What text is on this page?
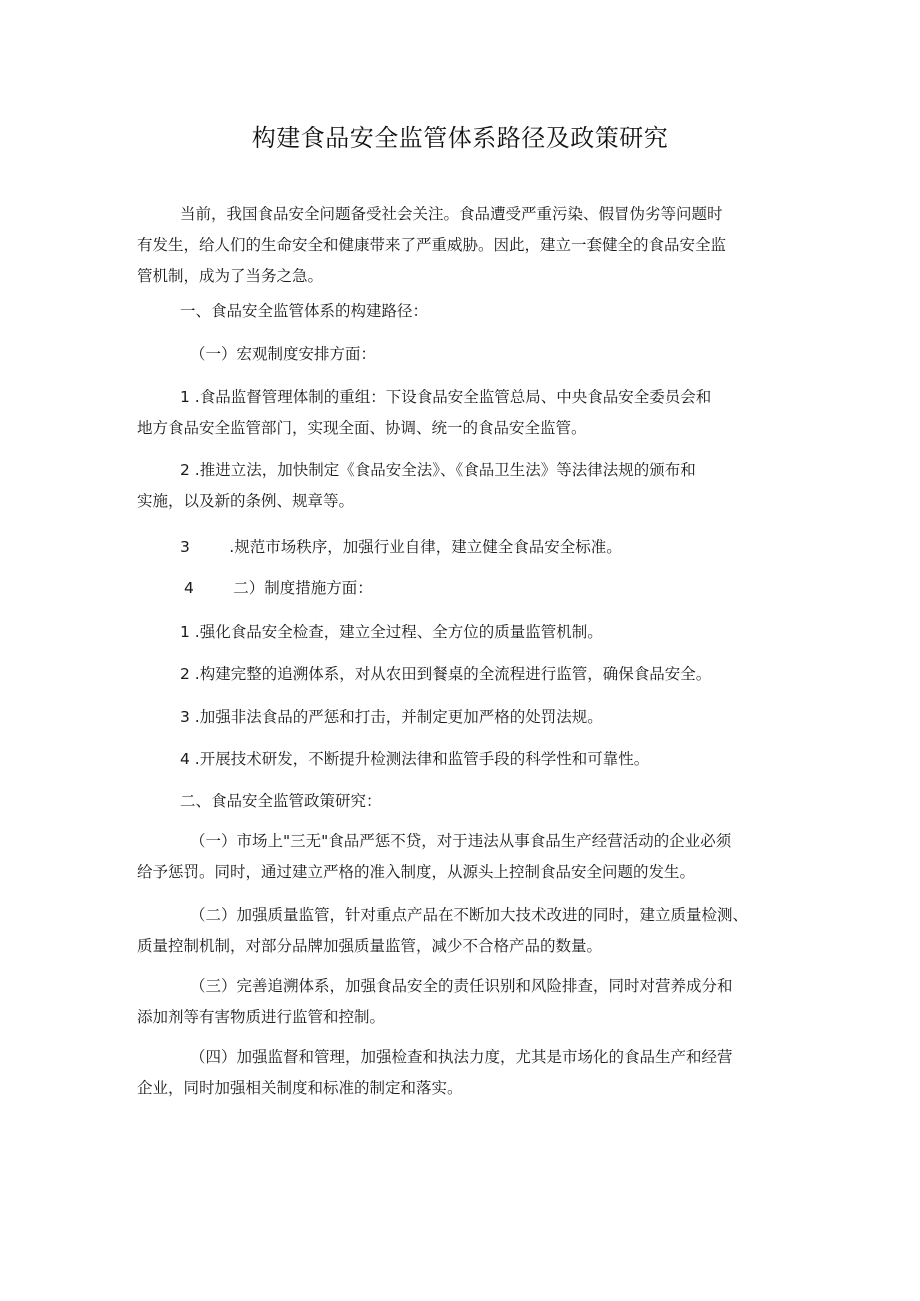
构建食品安全监管体系路径及政策研究
当前，我国食品安全问题备受社会关注。食品遭受严重污染、假冒伪劣等问题时
有发生，给人们的生命安全和健康带来了严重威胁。因此，建立一套健全的食品安全监
管机制，成为了当务之急。
一、食品安全监管体系的构建路径：
（一）宏观制度安排方面：
1 .食品监督管理体制的重组：下设食品安全监管总局、中央食品安全委员会和
地方食品安全监管部门，实现全面、协调、统一的食品安全监管。
2 .推进立法，加快制定《食品安全法》、《食品卫生法》等法律法规的颁布和
实施，以及新的条例、规章等。
3        .规范市场秩序，加强行业自律，建立健全食品安全标准。
4        二）制度措施方面：
1 .强化食品安全检查，建立全过程、全方位的质量监管机制。
2 .构建完整的追溯体系，对从农田到餐桌的全流程进行监管，确保食品安全。
3 .加强非法食品的严惩和打击，并制定更加严格的处罚法规。
4 .开展技术研发，不断提升检测法律和监管手段的科学性和可靠性。
二、食品安全监管政策研究：
（一）市场上"三无"食品严惩不贷，对于违法从事食品生产经营活动的企业必须
给予惩罚。同时，通过建立严格的准入制度，从源头上控制食品安全问题的发生。
（二）加强质量监管，针对重点产品在不断加大技术改进的同时，建立质量检测、
质量控制机制，对部分品牌加强质量监管，减少不合格产品的数量。
（三）完善追溯体系，加强食品安全的责任识别和风险排查，同时对营养成分和
添加剂等有害物质进行监管和控制。
（四）加强监督和管理，加强检查和执法力度，尤其是市场化的食品生产和经营
企业，同时加强相关制度和标准的制定和落实。
